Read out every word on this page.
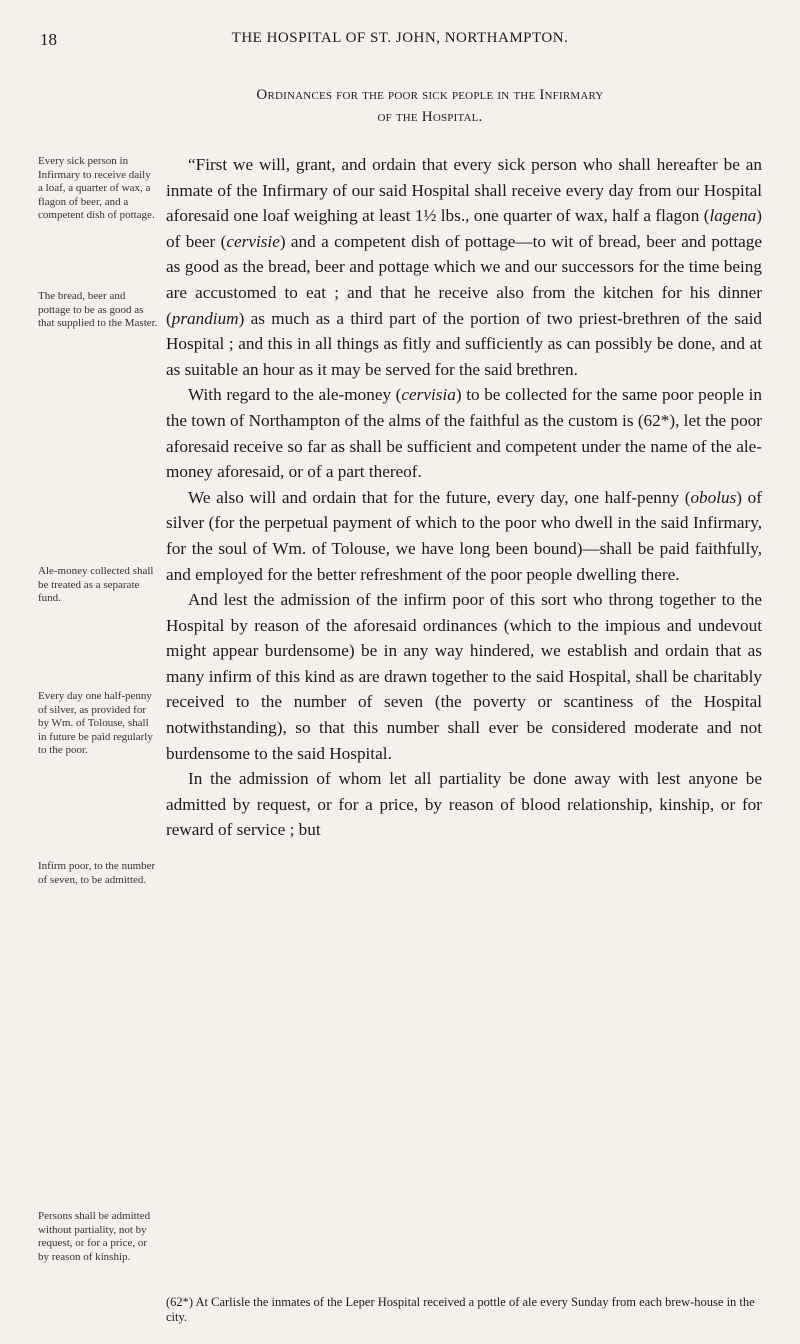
18	THE HOSPITAL OF ST. JOHN, NORTHAMPTON.
Ordinances for the poor sick people in the Infirmary
of the Hospital.
Every sick person in Infirmary to receive daily a loaf, a quarter of wax, a flagon of beer, and a competent dish of pottage.
The bread, beer and pottage to be as good as that supplied to the Master.
Ale-money collected shall be treated as a separate fund.
Every day one half-penny of silver, as provided for by Wm. of Tolouse, shall in future be paid regularly to the poor.
Infirm poor, to the number of seven, to be admitted.
Persons shall be admitted without partiality, not by request, or for a price, or by reason of kinship.

“First we will, grant, and ordain that every sick person who shall hereafter be an inmate of the Infirmary of our said Hospital shall receive every day from our Hospital aforesaid one loaf weighing at least 1½ lbs., one quarter of wax, half a flagon (lagena) of beer (cervisie) and a competent dish of pottage—to wit of bread, beer and pottage as good as the bread, beer and pottage which we and our successors for the time being are accustomed to eat ; and that he receive also from the kitchen for his dinner (prandium) as much as a third part of the portion of two priest-brethren of the said Hospital ; and this in all things as fitly and sufficiently as can possibly be done, and at as suitable an hour as it may be served for the said brethren.

With regard to the ale-money (cervisia) to be collected for the same poor people in the town of Northampton of the alms of the faithful as the custom is (62*), let the poor aforesaid receive so far as shall be sufficient and competent under the name of the ale-money aforesaid, or of a part thereof.

We also will and ordain that for the future, every day, one half-penny (obolus) of silver (for the perpetual payment of which to the poor who dwell in the said Infirmary, for the soul of Wm. of Tolouse, we have long been bound)—shall be paid faithfully, and employed for the better refreshment of the poor people dwelling there.

And lest the admission of the infirm poor of this sort who throng together to the Hospital by reason of the aforesaid ordinances (which to the impious and undevout might appear burdensome) be in any way hindered, we establish and ordain that as many infirm of this kind as are drawn together to the said Hospital, shall be charitably received to the number of seven (the poverty or scantiness of the Hospital notwithstanding), so that this number shall ever be considered moderate and not burdensome to the said Hospital.

In the admission of whom let all partiality be done away with lest anyone be admitted by request, or for a price, by reason of blood relationship, kinship, or for reward of service ; but

(62*) At Carlisle the inmates of the Leper Hospital received a pottle of ale every Sunday from each brew-house in the city.
